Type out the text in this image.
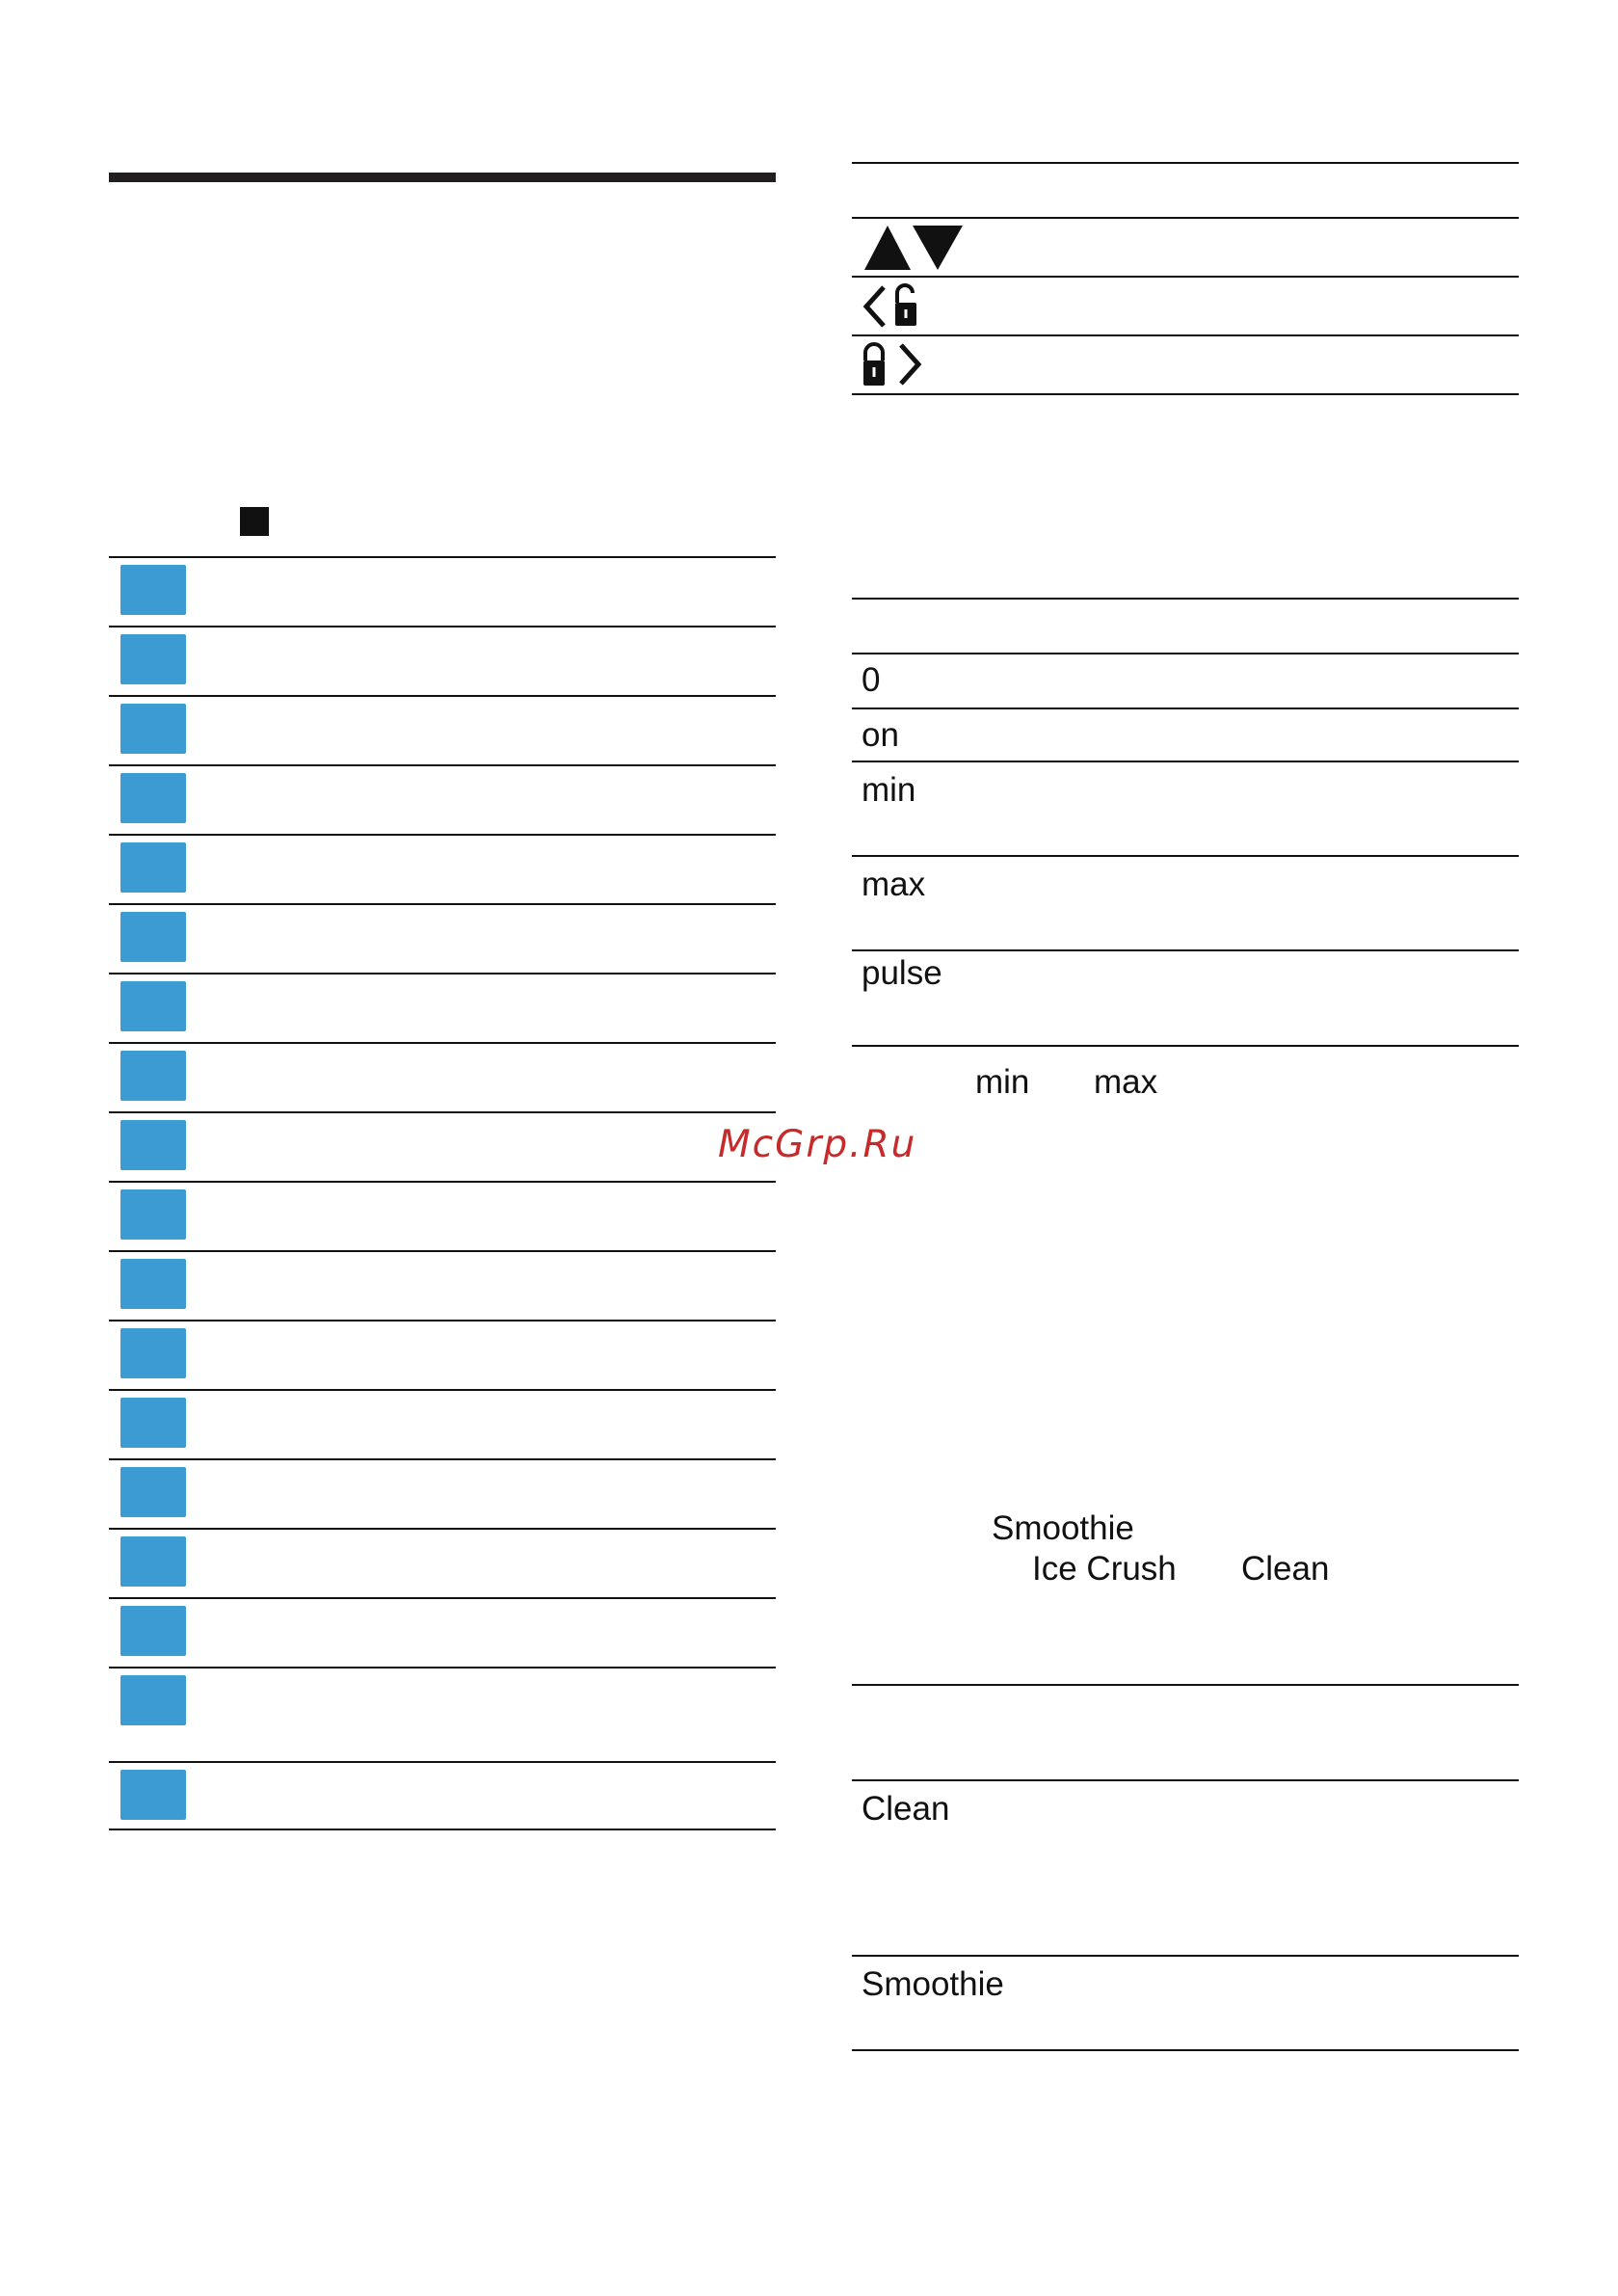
0
on
min
max
pulse
min max
McGrp.Ru
Smoothie
Ice Crush Clean
Clean
Smoothie
